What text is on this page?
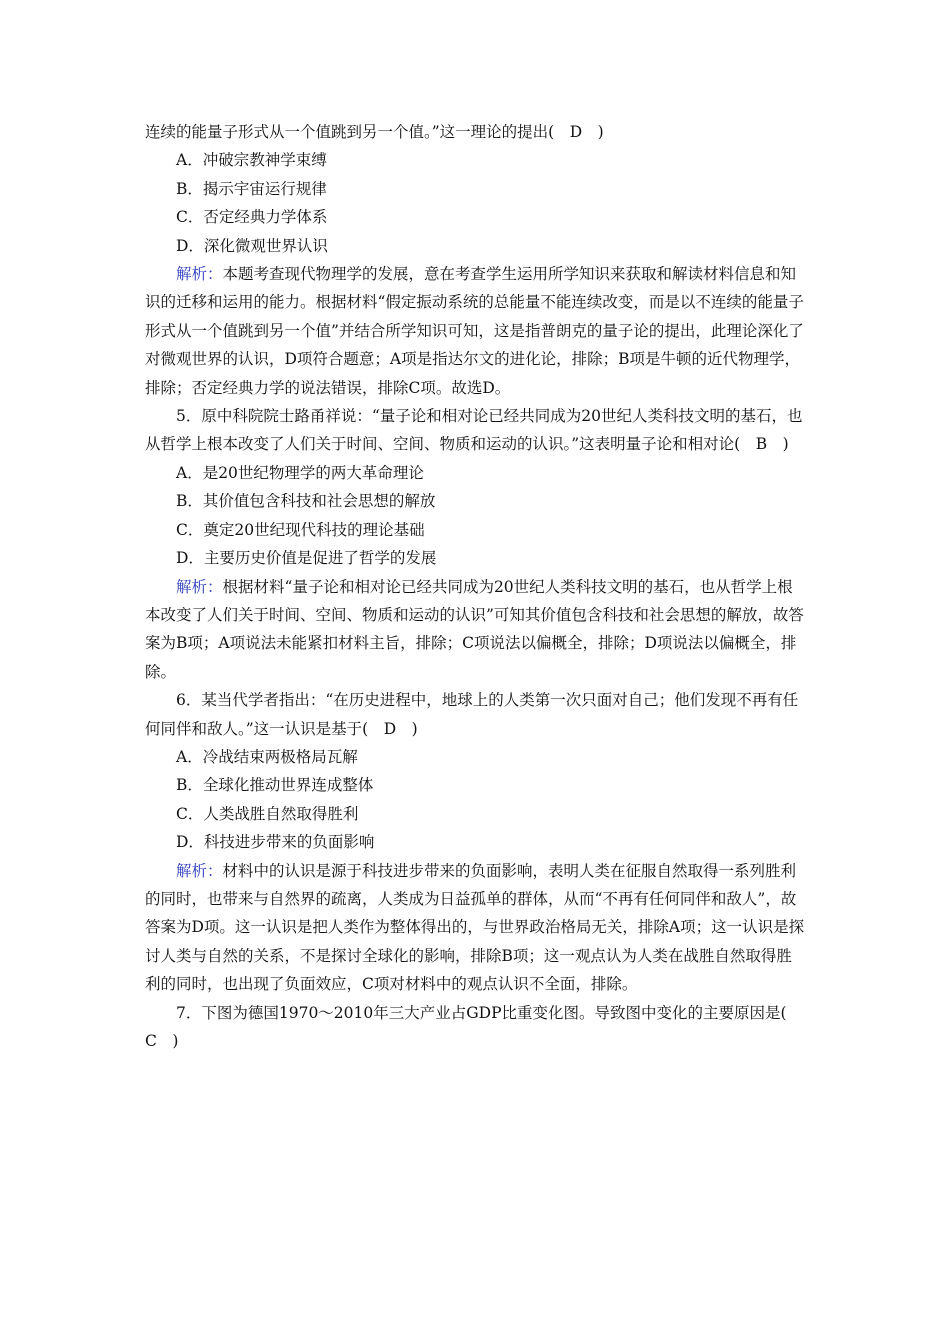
连续的能量子形式从一个值跳到另一个值。”这一理论的提出(　D　)

A．冲破宗教神学束缚

B．揭示宇宙运行规律

C．否定经典力学体系

D．深化微观世界认识

解析：本题考查现代物理学的发展，意在考查学生运用所学知识来获取和解读材料信息和知识的迁移和运用的能力。根据材料“假定振动系统的总能量不能连续改变，而是以不连续的能量子形式从一个值跳到另一个值”并结合所学知识可知，这是指普朗克的量子论的提出，此理论深化了对微观世界的认识，D项符合题意；A项是指达尔文的进化论，排除；B项是牛顿的近代物理学，排除；否定经典力学的说法错误，排除C项。故选D。

5．原中科院院士路甬祥说：“量子论和相对论已经共同成为20世纪人类科技文明的基石，也从哲学上根本改变了人们关于时间、空间、物质和运动的认识。”这表明量子论和相对论(　B　)

A．是20世纪物理学的两大革命理论

B．其价值包含科技和社会思想的解放

C．奠定20世纪现代科技的理论基础

D．主要历史价值是促进了哲学的发展

解析：根据材料“量子论和相对论已经共同成为20世纪人类科技文明的基石，也从哲学上根本改变了人们关于时间、空间、物质和运动的认识”可知其价值包含科技和社会思想的解放，故答案为B项；A项说法未能紧扣材料主旨，排除；C项说法以偏概全，排除；D项说法以偏概全，排除。

6．某当代学者指出：“在历史进程中，地球上的人类第一次只面对自己；他们发现不再有任何同伴和敌人。”这一认识是基于(　D　)

A．冷战结束两极格局瓦解

B．全球化推动世界连成整体

C．人类战胜自然取得胜利

D．科技进步带来的负面影响

解析：材料中的认识是源于科技进步带来的负面影响，表明人类在征服自然取得一系列胜利的同时，也带来与自然界的疏离，人类成为日益孤单的群体，从而“不再有任何同伴和敌人”，故答案为D项。这一认识是把人类作为整体得出的，与世界政治格局无关，排除A项；这一认识是探讨人类与自然的关系，不是探讨全球化的影响，排除B项；这一观点认为人类在战胜自然取得胜利的同时，也出现了负面效应，C项对材料中的观点认识不全面，排除。

7．下图为德国1970～2010年三大产业占GDP比重变化图。导致图中变化的主要原因是(　C　)
